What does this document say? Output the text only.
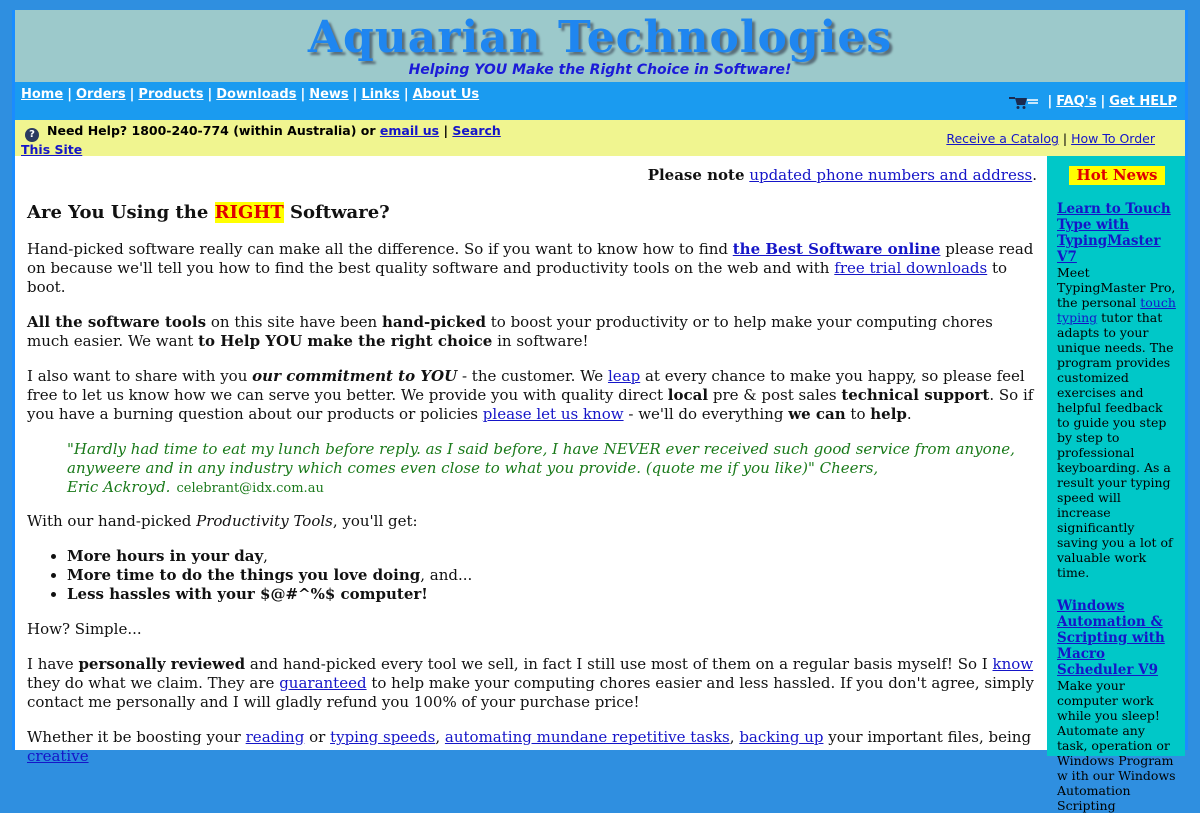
Aquarian Technologies
Helping YOU Make the Right Choice in Software!
Home | Orders | Products | Downloads | News | Links | About Us	| FAQ's | Get HELP
? Need Help? 1800-240-774 (within Australia) or email us | Search This Site
Receive a Catalog | How To Order
Please note updated phone numbers and address.
Are You Using the RIGHT Software?

Hand-picked software really can make all the difference. So if you want to know how to find the Best Software online please read on because we'll tell you how to find the best quality software and productivity tools on the web and with free trial downloads to boot.

All the software tools on this site have been hand-picked to boost your productivity or to help make your computing chores much easier. We want to Help YOU make the right choice in software!

I also want to share with you our commitment to YOU - the customer. We leap at every chance to make you happy, so please feel free to let us know how we can serve you better. We provide you with quality direct local pre & post sales technical support. So if you have a burning question about our products or policies please let us know - we'll do everything we can to help.

"Hardly had time to eat my lunch before reply. as I said before, I have NEVER ever received such good service from anyone, anyweere and in any industry which comes even close to what you provide. (quote me if you like)" Cheers,
Eric Ackroyd. celebrant@idx.com.au

With our hand-picked Productivity Tools, you'll get:

• More hours in your day,
• More time to do the things you love doing, and...
• Less hassles with your $@#^%$ computer!

How? Simple...

I have personally reviewed and hand-picked every tool we sell, in fact I still use most of them on a regular basis myself! So I know they do what we claim. They are guaranteed to help make your computing chores easier and less hassled. If you don't agree, simply contact me personally and I will gladly refund you 100% of your purchase price!

Whether it be boosting your reading or typing speeds, automating mundane repetitive tasks, backing up your important files, being creative

Hot News
Learn to Touch Type with TypingMaster V7
Meet TypingMaster Pro, the personal touch typing tutor that adapts to your unique needs. The program provides customized exercises and helpful feedback to guide you step by step to professional keyboarding. As a result your typing speed will increase significantly saving you a lot of valuable work time.
Windows Automation & Scripting with Macro Scheduler V9
Make your computer work while you sleep! Automate any task, operation or Windows Program w ith our Windows Automation Scripting
